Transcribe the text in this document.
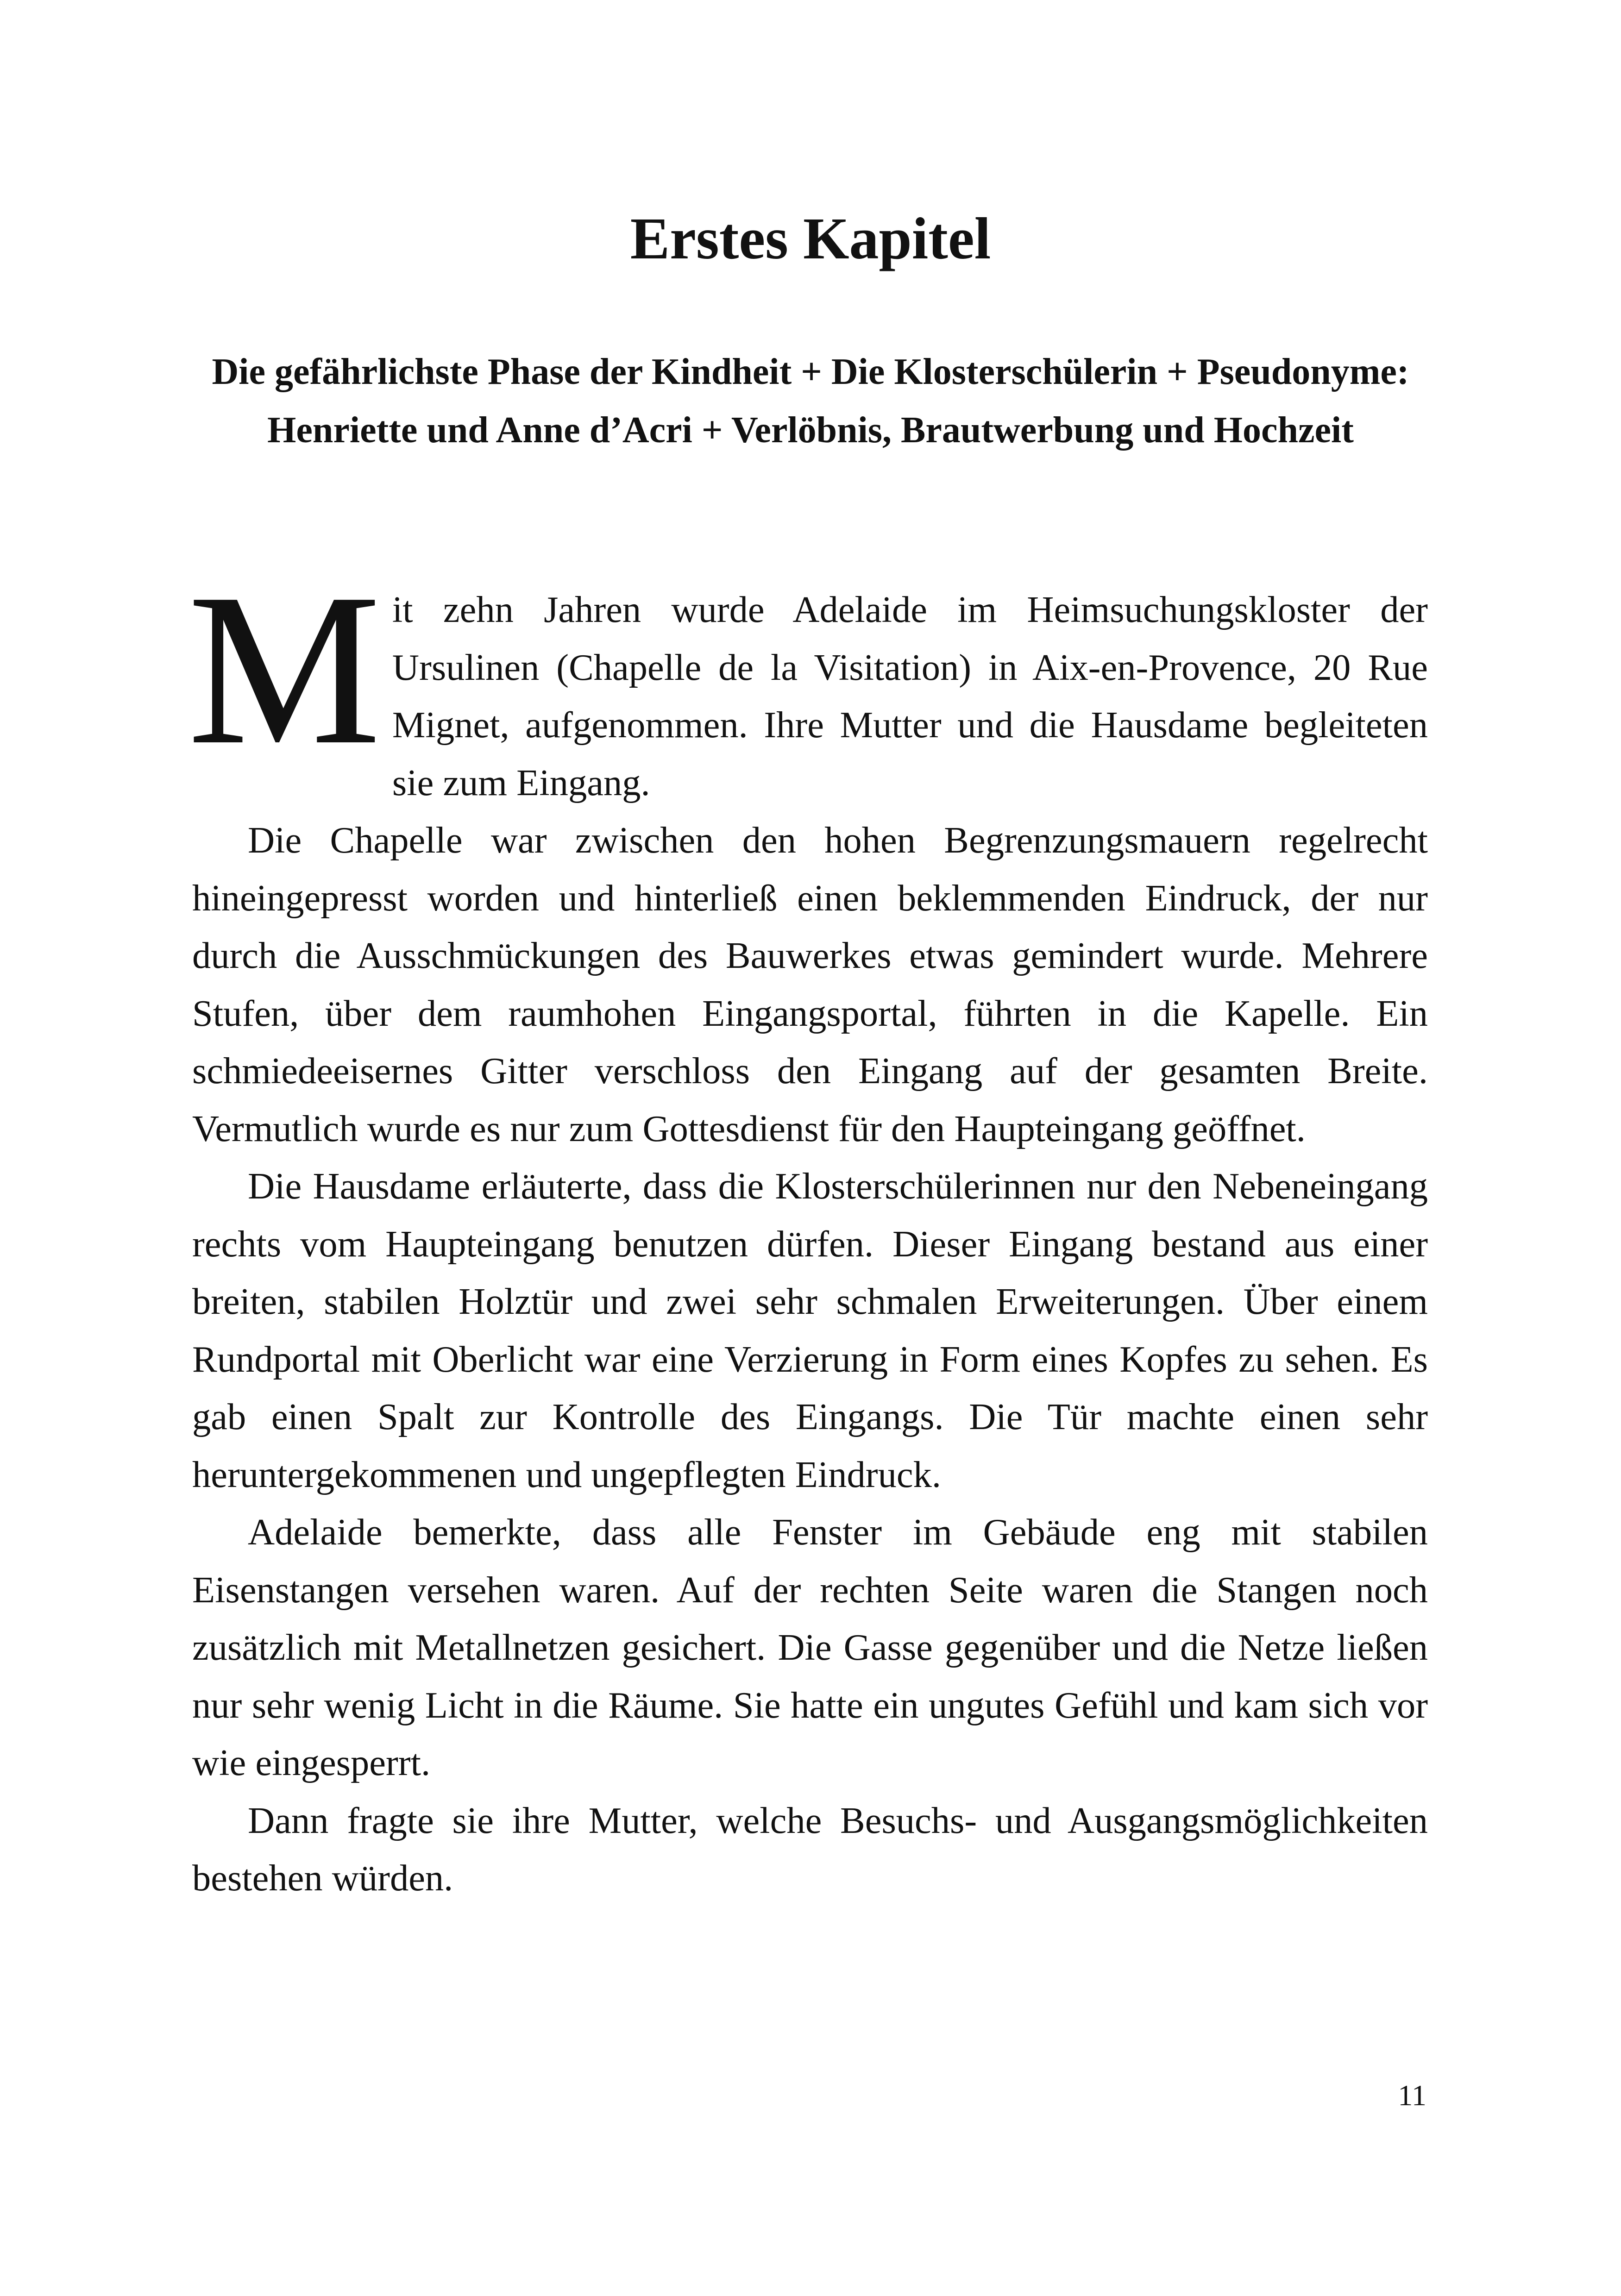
Erstes Kapitel
Die gefährlichste Phase der Kindheit + Die Klosterschülerin + Pseudonyme: Henriette und Anne d’Acri + Verlöbnis, Brautwerbung und Hochzeit

Mit zehn Jahren wurde Adelaide im Heimsuchungskloster der Ursulinen (Chapelle de la Visitation) in Aix-en-Provence, 20 Rue Mignet, aufgenommen. Ihre Mutter und die Hausdame begleiteten sie zum Eingang.

Die Chapelle war zwischen den hohen Begrenzungsmauern regelrecht hineingepresst worden und hinterließ einen beklemmenden Eindruck, der nur durch die Ausschmückungen des Bauwerkes etwas gemindert wurde. Mehrere Stufen, über dem raumhohen Eingangsportal, führten in die Kapelle. Ein schmiedeeisernes Gitter verschloss den Eingang auf der gesamten Breite. Vermutlich wurde es nur zum Gottesdienst für den Haupteingang geöffnet.

Die Hausdame erläuterte, dass die Klosterschülerinnen nur den Nebeneingang rechts vom Haupteingang benutzen dürfen. Dieser Eingang bestand aus einer breiten, stabilen Holztür und zwei sehr schmalen Erweiterungen. Über einem Rundportal mit Oberlicht war eine Verzierung in Form eines Kopfes zu sehen. Es gab einen Spalt zur Kontrolle des Eingangs. Die Tür machte einen sehr heruntergekommenen und ungepflegten Eindruck.

Adelaide bemerkte, dass alle Fenster im Gebäude eng mit stabilen Eisenstangen versehen waren. Auf der rechten Seite waren die Stangen noch zusätzlich mit Metallnetzen gesichert. Die Gasse gegenüber und die Netze ließen nur sehr wenig Licht in die Räume. Sie hatte ein ungutes Gefühl und kam sich vor wie eingesperrt.

Dann fragte sie ihre Mutter, welche Besuchs- und Ausgangsmöglichkeiten bestehen würden.

11
